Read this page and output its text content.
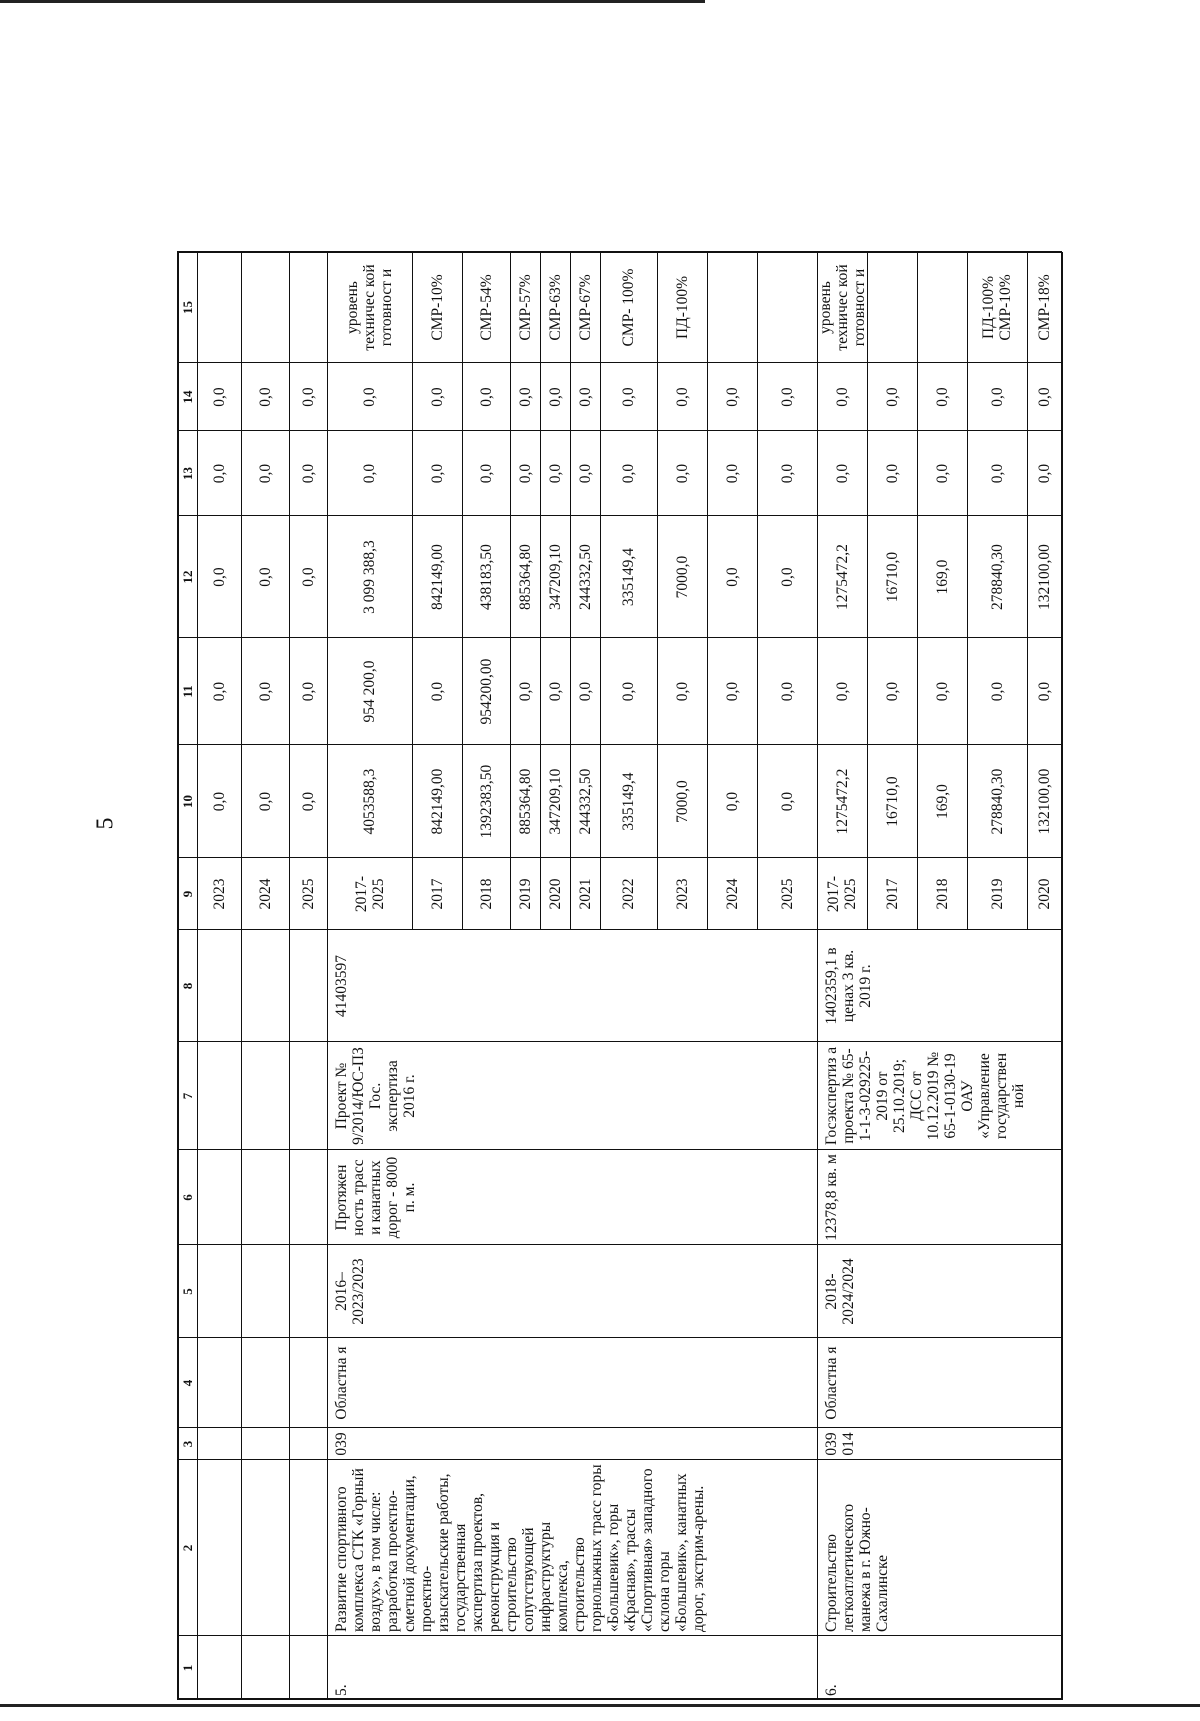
5
1
2
3
4
5
6
7
8
9
10
11
12
13
14
15
2023
0,0
0,0
0,0
0,0
0,0
2024
0,0
0,0
0,0
0,0
0,0
2025
0,0
0,0
0,0
0,0
0,0
2017-2025
4053588,3
954 200,0
3 099 388,3
0,0
0,0
уровень техничес кой готовност и
2017
842149,00
0,0
842149,00
0,0
0,0
СМР-10%
2018
1392383,50
954200,00
438183,50
0,0
0,0
СМР-54%
2019
885364,80
0,0
885364,80
0,0
0,0
СМР-57%
2020
347209,10
0,0
347209,10
0,0
0,0
СМР-63%
2021
244332,50
0,0
244332,50
0,0
0,0
СМР-67%
2022
335149,4
0,0
335149,4
0,0
0,0
СМР- 100%
2023
7000,0
0,0
7000,0
0,0
0,0
ПД-100%
2024
0,0
0,0
0,0
0,0
0,0
2025
0,0
0,0
0,0
0,0
0,0
2017-2025
1275472,2
0,0
1275472,2
0,0
0,0
уровень техничес кой готовност и
2017
16710,0
0,0
16710,0
0,0
0,0
2018
169,0
0,0
169,0
0,0
0,0
2019
278840,30
0,0
278840,30
0,0
0,0
ПД-100% СМР-10%
2020
132100,00
0,0
132100,00
0,0
0,0
СМР-18%
5.
Развитие спортивного комплекса СТК «Горный воздух», в том числе: разработка проектно-сметной документации, проектно-изыскательские работы, государственная экспертиза проектов, реконструкция и строительство сопутствующей инфраструктуры комплекса, строительство горнолыжных трасс горы «Большевик», горы «Красная», трассы «Спортивная» западного склона горы «Большевик», канатных дорог, экстрим-арены.
039
Областна я
2016– 2023/2023
Протяжен ность трасс и канатных дорог - 8000 п. м.
Проект № 9/2014/ЮС-ПЗ Гос. экспертиза 2016 г.
41403597
6.
Строительство легкоатлетического манежа в г. Южно-Сахалинске
039 014
Областна я
2018- 2024/2024
12378,8 кв. м
Госэкспертиз а проекта № 65-1-1-3-029225-2019 от 25.10.2019; ДСС от 10.12.2019 № 65-1-0130-19 ОАУ «Управление государствен ной
1402359,1 в ценах 3 кв. 2019 г.
